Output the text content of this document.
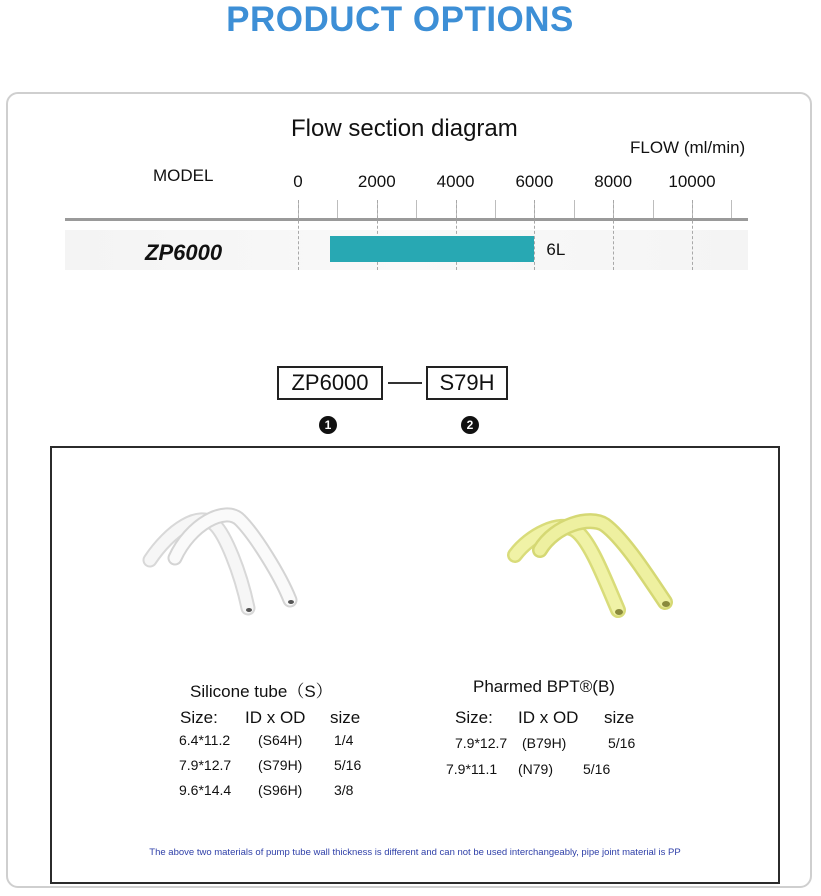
PRODUCT OPTIONS
Flow section diagram
FLOW (ml/min)
MODEL	0	2000 4000 6000 8000 10000
ZP6000	6L
ZP6000	S79H
1	2
Silicone tube（S）
Size: ID x OD size
6.4*11.2 (S64H) 1/4
7.9*12.7 (S79H) 5/16
9.6*14.4 (S96H) 3/8
Pharmed BPT®(B)
Size: ID x OD size
7.9*12.7 (B79H)	5/16
7.9*11.1 (N79) 5/16
The above two materials of pump tube wall thickness is different and can not be used interchangeably, pipe joint material is PP
